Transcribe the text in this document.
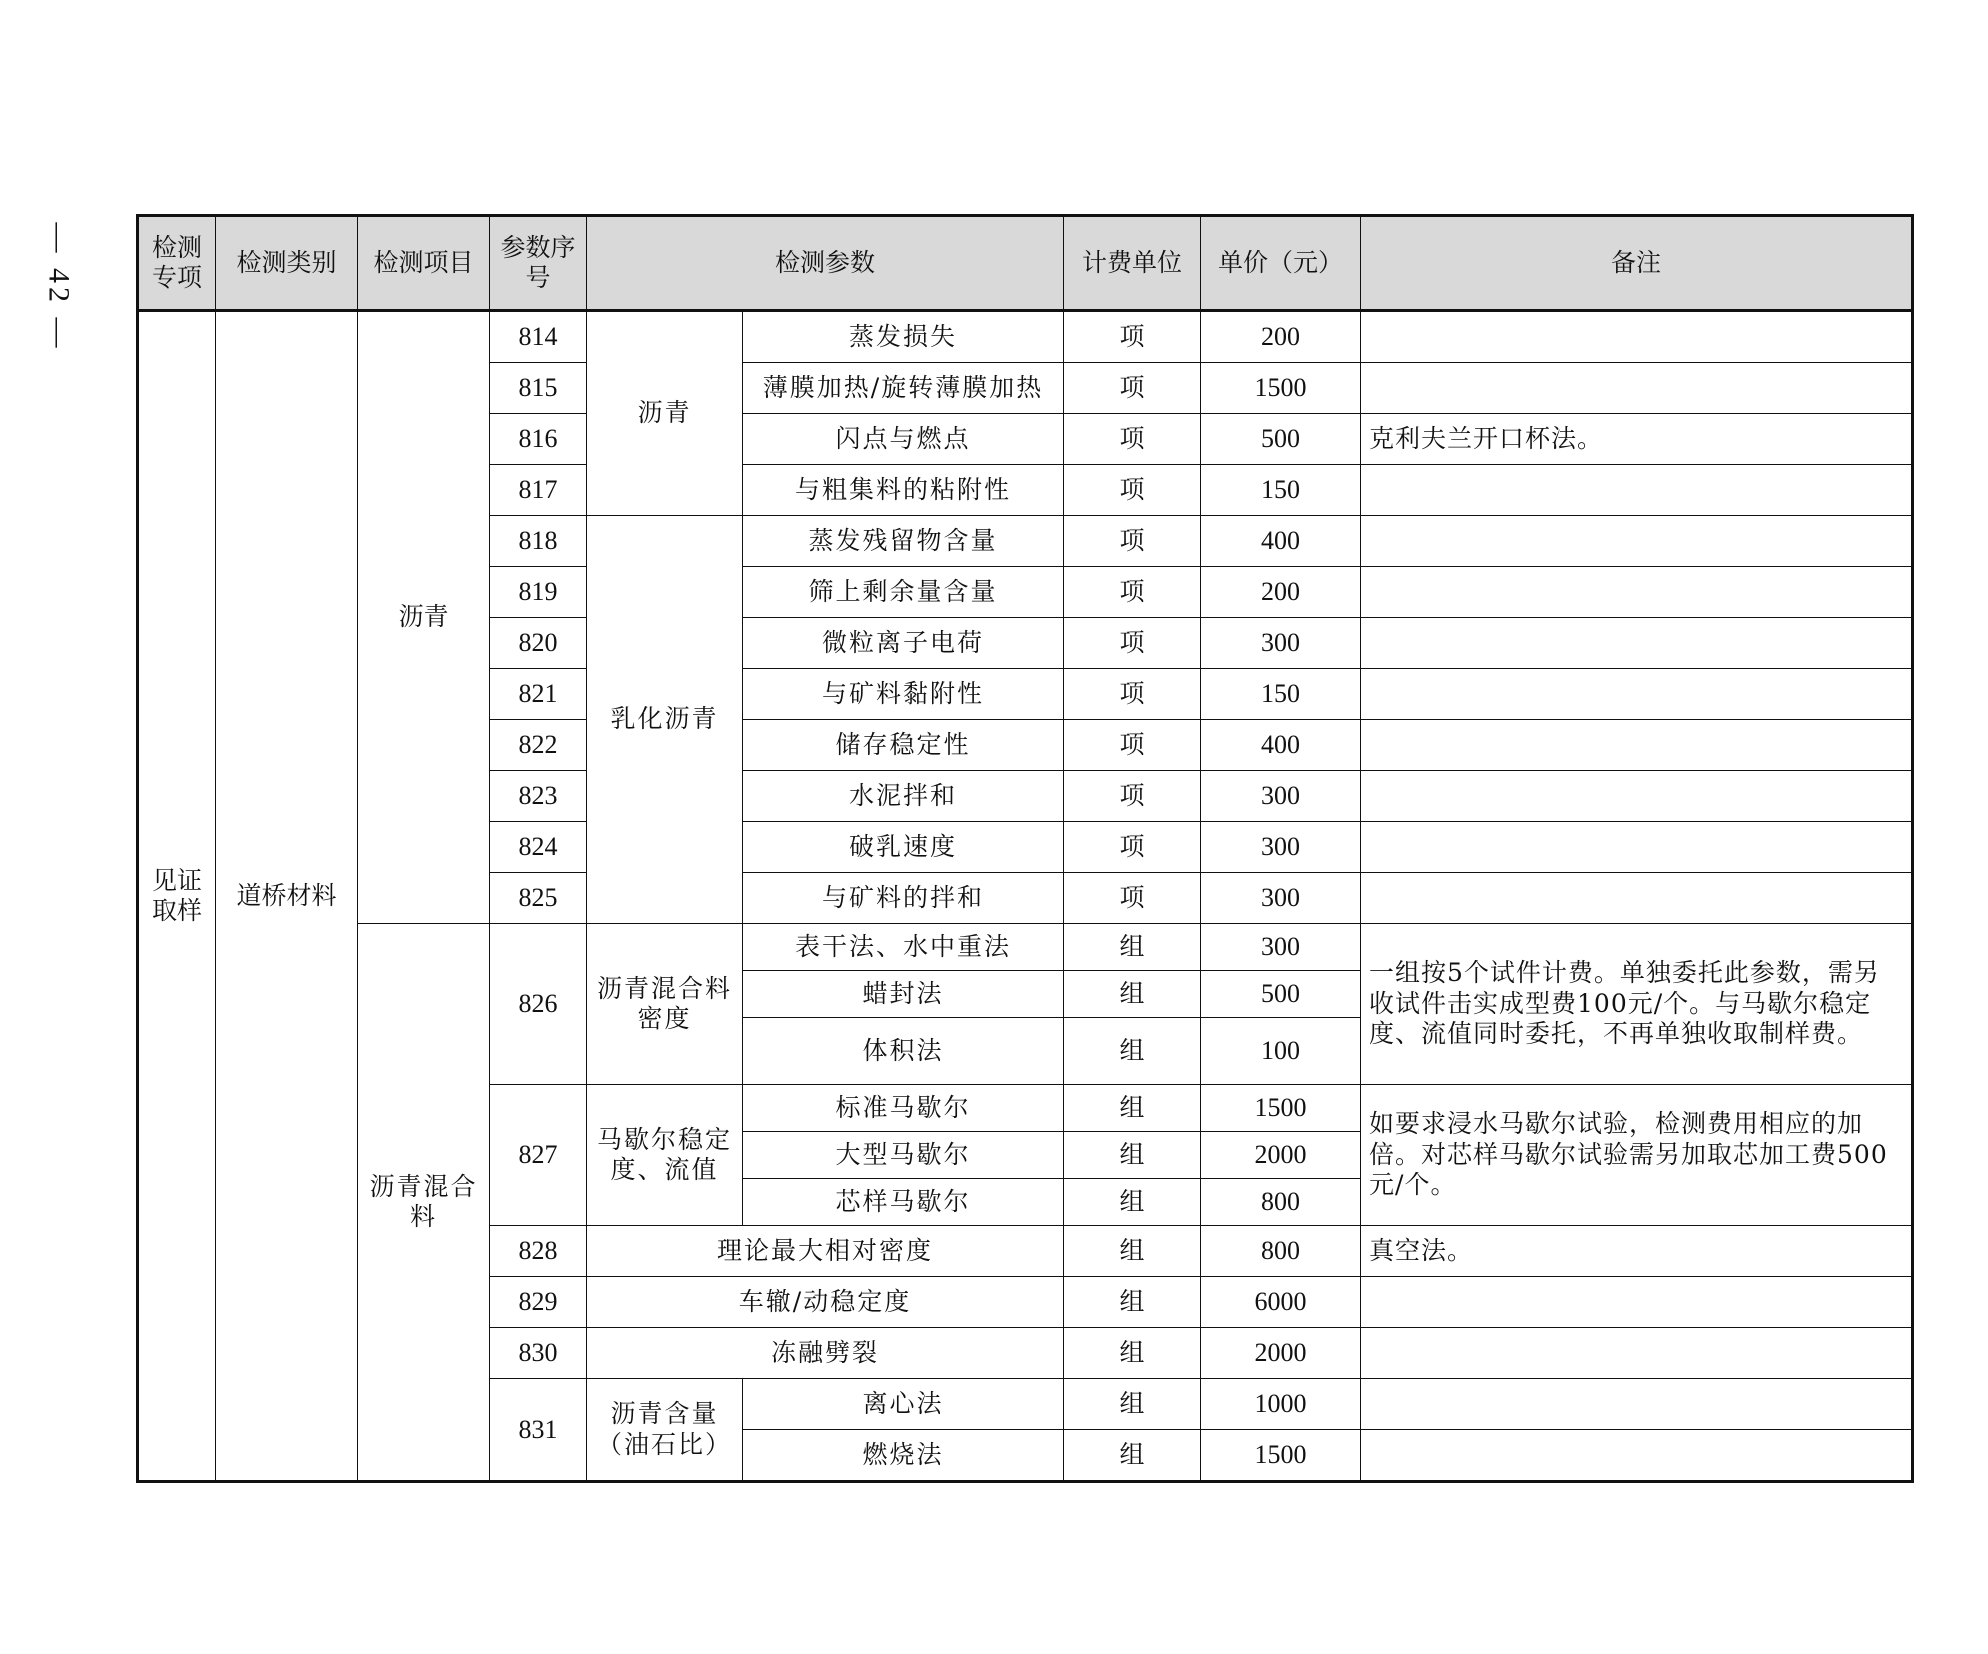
— 42 —	检测专项	检测类别	检测项目	参数序号	检测参数		计费单位	单价（元）	备注
见证取样	道桥材料	沥青	814	沥青	蒸发损失	项	200	
			815		薄膜加热/旋转薄膜加热	项	1500	
			816		闪点与燃点	项	500	克利夫兰开口杯法。
			817		与粗集料的粘附性	项	150	
			818	乳化沥青	蒸发残留物含量	项	400	
			819		筛上剩余量含量	项	200	
			820		微粒离子电荷	项	300	
			821		与矿料黏附性	项	150	
			822		储存稳定性	项	400	
			823		水泥拌和	项	300	
			824		破乳速度	项	300	
			825		与矿料的拌和	项	300	
		沥青混合料	826	沥青混合料密度	表干法、水中重法	组	300	一组按5个试件计费。单独委托此参数，需另收试件击实成型费100元/个。与马歇尔稳定度、流值同时委托，不再单独收取制样费。
					蜡封法	组	500	
					体积法	组	100	
			827	马歇尔稳定度、流值	标准马歇尔	组	1500	如要求浸水马歇尔试验，检测费用相应的加倍。对芯样马歇尔试验需另加取芯加工费500元/个。
					大型马歇尔	组	2000	
					芯样马歇尔	组	800	
			828	理论最大相对密度		组	800	真空法。
			829	车辙/动稳定度		组	6000	
			830	冻融劈裂		组	2000	
			831	沥青含量（油石比）	离心法	组	1000	
					燃烧法	组	1500	
